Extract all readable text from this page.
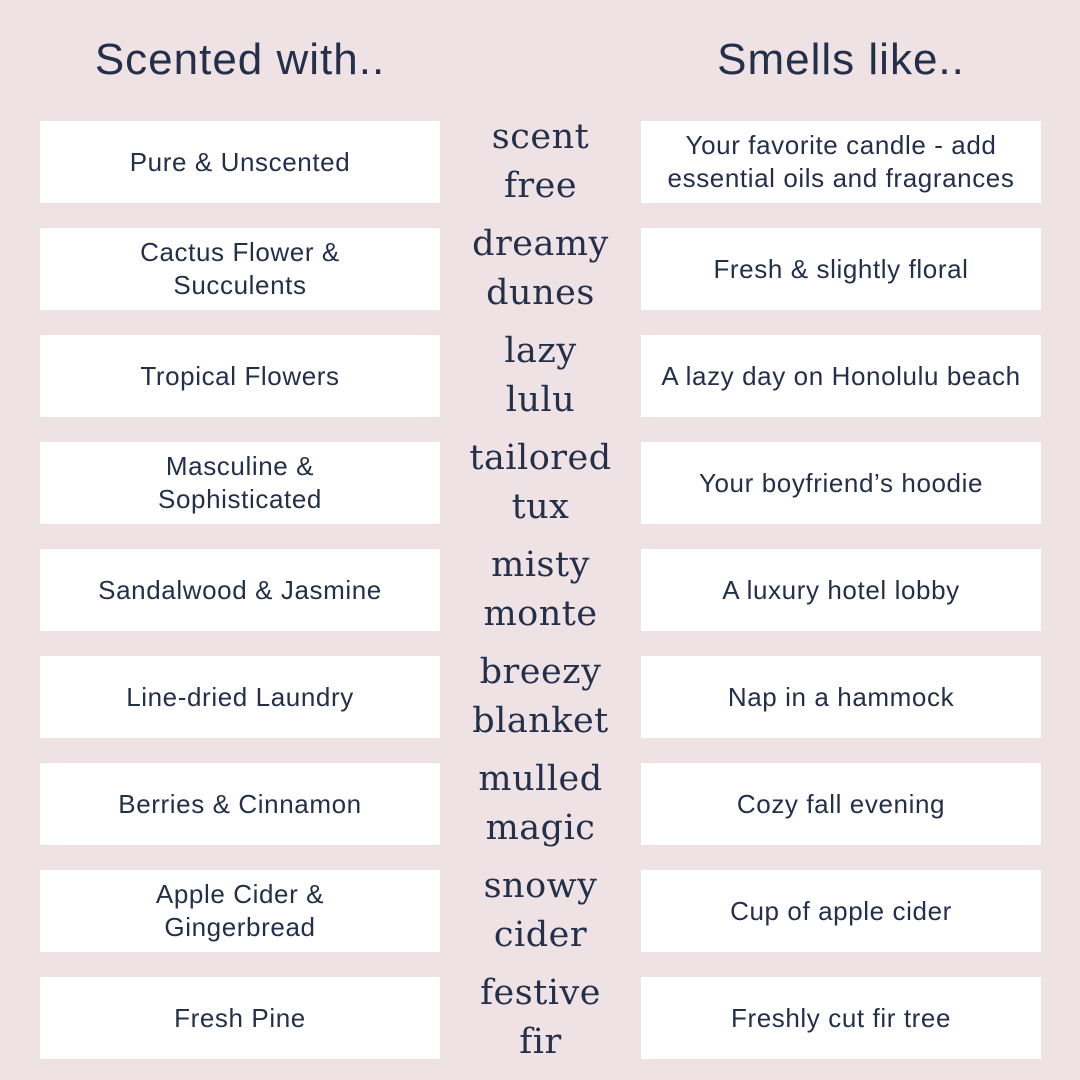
Scented with..	Smells like..
Pure & Unscented
scent
free
Your favorite candle - add
essential oils and fragrances
Cactus Flower &
Succulents
dreamy
dunes
Fresh & slightly floral
Tropical Flowers
lazy
lulu
A lazy day on Honolulu beach
Masculine &
Sophisticated
tailored
tux
Your boyfriend’s hoodie
Sandalwood & Jasmine
misty
monte
A luxury hotel lobby
Line-dried Laundry
breezy
blanket
Nap in a hammock
Berries & Cinnamon
mulled
magic
Cozy fall evening
Apple Cider &
Gingerbread
snowy
cider
Cup of apple cider
Fresh Pine
festive
fir
Freshly cut fir tree
